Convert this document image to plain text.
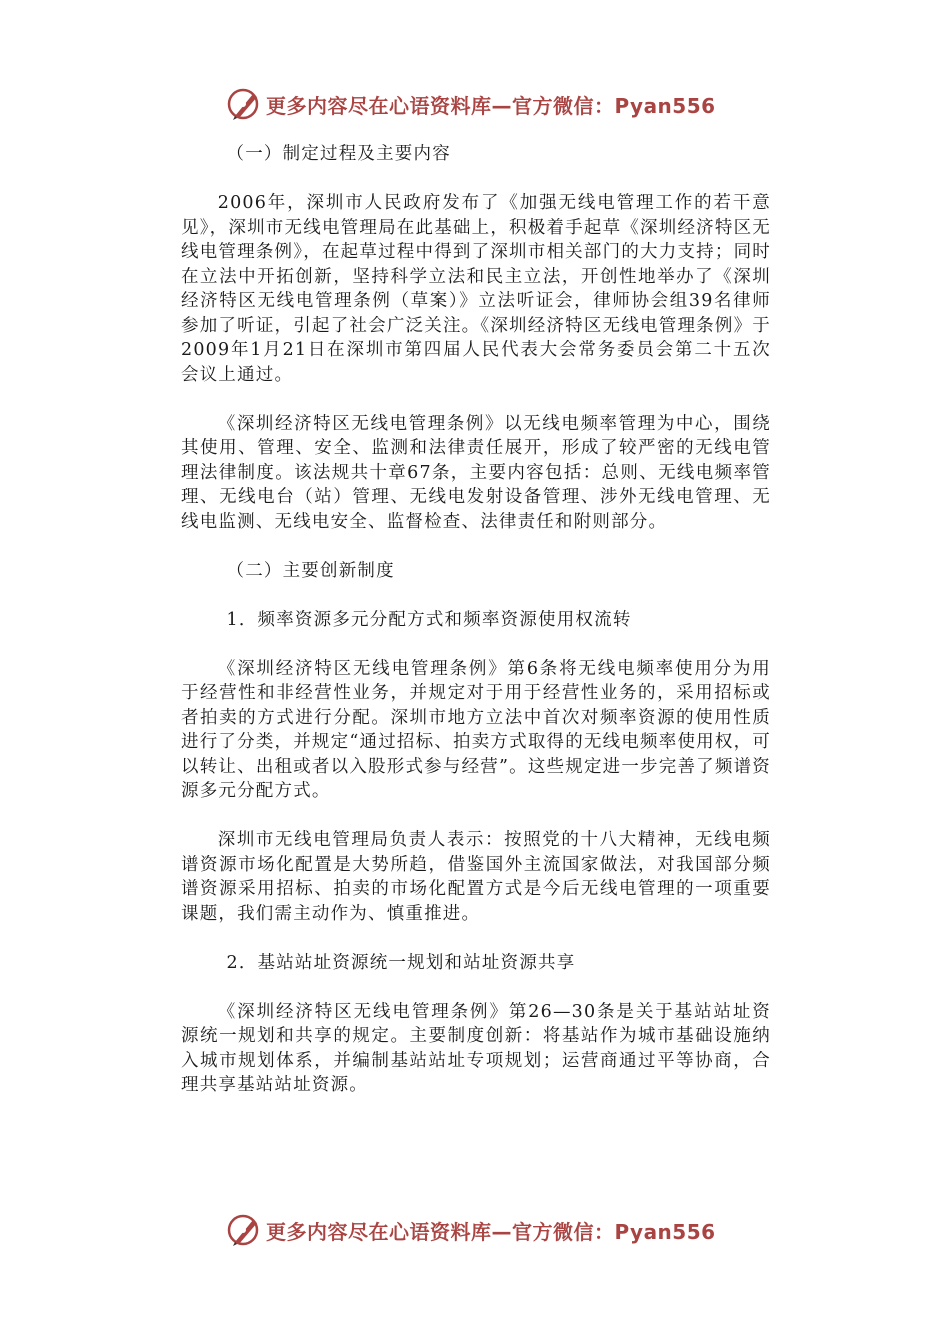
更多内容尽在心语资料库—官方微信：Pyan556

（一）制定过程及主要内容

2006年，深圳市人民政府发布了《加强无线电管理工作的若干意见》，深圳市无线电管理局在此基础上，积极着手起草《深圳经济特区无线电管理条例》，在起草过程中得到了深圳市相关部门的大力支持；同时在立法中开拓创新，坚持科学立法和民主立法，开创性地举办了《深圳经济特区无线电管理条例（草案）》立法听证会，律师协会组39名律师参加了听证，引起了社会广泛关注。《深圳经济特区无线电管理条例》于2009年1月21日在深圳市第四届人民代表大会常务委员会第二十五次会议上通过。

《深圳经济特区无线电管理条例》以无线电频率管理为中心，围绕其使用、管理、安全、监测和法律责任展开，形成了较严密的无线电管理法律制度。该法规共十章67条，主要内容包括：总则、无线电频率管理、无线电台（站）管理、无线电发射设备管理、涉外无线电管理、无线电监测、无线电安全、监督检查、法律责任和附则部分。

（二）主要创新制度

1．频率资源多元分配方式和频率资源使用权流转

《深圳经济特区无线电管理条例》第6条将无线电频率使用分为用于经营性和非经营性业务，并规定对于用于经营性业务的，采用招标或者拍卖的方式进行分配。深圳市地方立法中首次对频率资源的使用性质进行了分类，并规定“通过招标、拍卖方式取得的无线电频率使用权，可以转让、出租或者以入股形式参与经营”。这些规定进一步完善了频谱资源多元分配方式。

深圳市无线电管理局负责人表示：按照党的十八大精神，无线电频谱资源市场化配置是大势所趋，借鉴国外主流国家做法，对我国部分频谱资源采用招标、拍卖的市场化配置方式是今后无线电管理的一项重要课题，我们需主动作为、慎重推进。

2．基站站址资源统一规划和站址资源共享

《深圳经济特区无线电管理条例》第26—30条是关于基站站址资源统一规划和共享的规定。主要制度创新：将基站作为城市基础设施纳入城市规划体系，并编制基站站址专项规划；运营商通过平等协商，合理共享基站站址资源。

更多内容尽在心语资料库—官方微信：Pyan556
